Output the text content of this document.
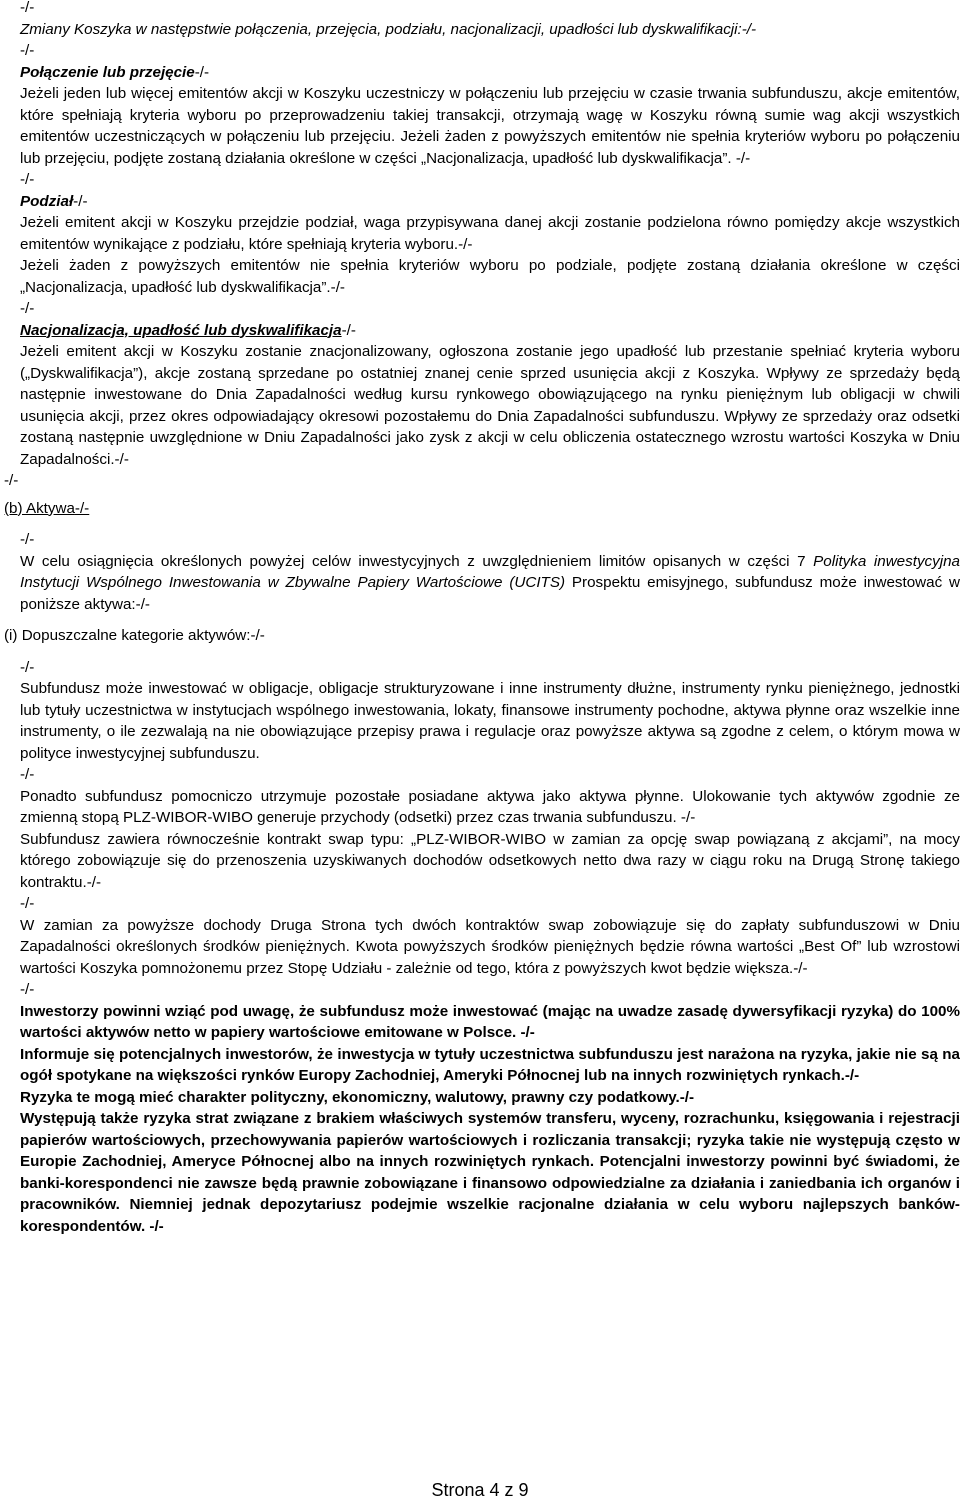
-/-

Zmiany Koszyka w następstwie połączenia, przejęcia, podziału, nacjonalizacji, upadłości lub dyskwalifikacji:-/-

-/-

Połączenie lub przejęcie-/-

Jeżeli jeden lub więcej emitentów akcji w Koszyku uczestniczy w połączeniu lub przejęciu w czasie trwania subfunduszu, akcje emitentów, które spełniają kryteria wyboru po przeprowadzeniu takiej transakcji, otrzymają wagę w Koszyku równą sumie wag akcji wszystkich emitentów uczestniczących w połączeniu lub przejęciu. Jeżeli żaden z powyższych emitentów nie spełnia kryteriów wyboru po połączeniu lub przejęciu, podjęte zostaną działania określone w części „Nacjonalizacja, upadłość lub dyskwalifikacja”. -/-

-/-

Podział-/-

Jeżeli emitent akcji w Koszyku przejdzie podział, waga przypisywana danej akcji zostanie podzielona równo pomiędzy akcje wszystkich emitentów wynikające z podziału, które spełniają kryteria wyboru.-/-

Jeżeli żaden z powyższych emitentów nie spełnia kryteriów wyboru po podziale, podjęte zostaną działania określone w części „Nacjonalizacja, upadłość lub dyskwalifikacja”.-/-

-/-

Nacjonalizacja, upadłość lub dyskwalifikacja-/-

Jeżeli emitent akcji w Koszyku zostanie znacjonalizowany, ogłoszona zostanie jego upadłość lub przestanie spełniać kryteria wyboru („Dyskwalifikacja”), akcje zostaną sprzedane po ostatniej znanej cenie sprzed usunięcia akcji z Koszyka. Wpływy ze sprzedaży będą następnie inwestowane do Dnia Zapadalności według kursu rynkowego obowiązującego na rynku pieniężnym lub obligacji w chwili usunięcia akcji, przez okres odpowiadający okresowi pozostałemu do Dnia Zapadalności subfunduszu. Wpływy ze sprzedaży oraz odsetki zostaną następnie uwzględnione w Dniu Zapadalności jako zysk z akcji w celu obliczenia ostatecznego wzrostu wartości Koszyka w Dniu Zapadalności.-/-

-/-

(b) Aktywa-/-

-/-

W celu osiągnięcia określonych powyżej celów inwestycyjnych z uwzględnieniem limitów opisanych w części 7 Polityka inwestycyjna Instytucji Wspólnego Inwestowania w Zbywalne Papiery Wartościowe (UCITS) Prospektu emisyjnego, subfundusz może inwestować w poniższe aktywa:-/-

(i) Dopuszczalne kategorie aktywów:-/-

-/-

Subfundusz może inwestować w obligacje, obligacje strukturyzowane i inne instrumenty dłużne, instrumenty rynku pieniężnego, jednostki lub tytuły uczestnictwa w instytucjach wspólnego inwestowania, lokaty, finansowe instrumenty pochodne, aktywa płynne oraz wszelkie inne instrumenty, o ile zezwalają na nie obowiązujące przepisy prawa i regulacje oraz powyższe aktywa są zgodne z celem, o którym mowa w polityce inwestycyjnej subfunduszu.

-/-

Ponadto subfundusz pomocniczo utrzymuje pozostałe posiadane aktywa jako aktywa płynne. Ulokowanie tych aktywów zgodnie ze zmienną stopą PLZ-WIBOR-WIBO generuje przychody (odsetki) przez czas trwania subfunduszu. -/-

Subfundusz zawiera równocześnie kontrakt swap typu: „PLZ-WIBOR-WIBO w zamian za opcję swap powiązaną z akcjami”, na mocy którego zobowiązuje się do przenoszenia uzyskiwanych dochodów odsetkowych netto dwa razy w ciągu roku na Drugą Stronę takiego kontraktu.-/-

-/-

W zamian za powyższe dochody Druga Strona tych dwóch kontraktów swap zobowiązuje się do zapłaty subfunduszowi w Dniu Zapadalności określonych środków pieniężnych. Kwota powyższych środków pieniężnych będzie równa wartości „Best Of” lub wzrostowi wartości Koszyka pomnożonemu przez Stopę Udziału - zależnie od tego, która z powyższych kwot będzie większa.-/-

-/-

Inwestorzy powinni wziąć pod uwagę, że subfundusz może inwestować (mając na uwadze zasadę dywersyfikacji ryzyka) do 100% wartości aktywów netto w papiery wartościowe emitowane w Polsce. -/-

Informuje się potencjalnych inwestorów, że inwestycja w tytuły uczestnictwa subfunduszu jest narażona na ryzyka, jakie nie są na ogół spotykane na większości rynków Europy Zachodniej, Ameryki Północnej lub na innych rozwiniętych rynkach.-/-

Ryzyka te mogą mieć charakter polityczny, ekonomiczny, walutowy, prawny czy podatkowy.-/-

Występują także ryzyka strat związane z brakiem właściwych systemów transferu, wyceny, rozrachunku, księgowania i rejestracji papierów wartościowych, przechowywania papierów wartościowych i rozliczania transakcji; ryzyka takie nie występują często w Europie Zachodniej, Ameryce Północnej albo na innych rozwiniętych rynkach. Potencjalni inwestorzy powinni być świadomi, że banki-korespondenci nie zawsze będą prawnie zobowiązane i finansowo odpowiedzialne za działania i zaniedbania ich organów i pracowników. Niemniej jednak depozytariusz podejmie wszelkie racjonalne działania w celu wyboru najlepszych banków-korespondentów. -/-

Strona 4 z 9
